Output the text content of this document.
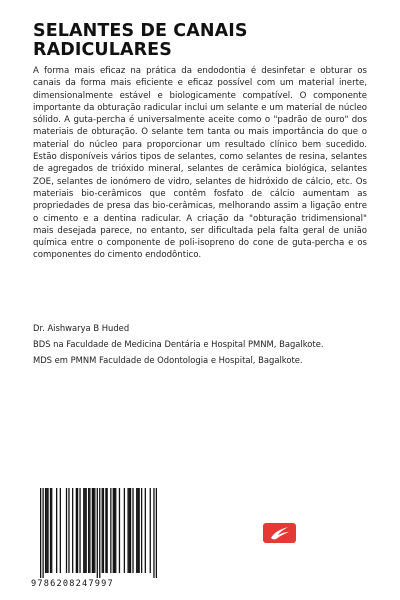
SELANTES DE CANAIS
RADICULARES

A forma mais eficaz na prática da endodontia é desinfetar e obturar os canais da forma mais eficiente e eficaz possível com um material inerte, dimensionalmente estável e biologicamente compatível. O componente importante da obturação radicular inclui um selante e um material de núcleo sólido. A guta-percha é universalmente aceite como o "padrão de ouro" dos materiais de obturação. O selante tem tanta ou mais importância do que o material do núcleo para proporcionar um resultado clínico bem sucedido. Estão disponíveis vários tipos de selantes, como selantes de resina, selantes de agregados de trióxido mineral, selantes de cerâmica biológica, selantes ZOE, selantes de ionómero de vidro, selantes de hidróxido de cálcio, etc. Os materiais bio-cerâmicos que contêm fosfato de cálcio aumentam as propriedades de presa das bio-cerâmicas, melhorando assim a ligação entre o cimento e a dentina radicular. A criação da "obturação tridimensional" mais desejada parece, no entanto, ser dificultada pela falta geral de união química entre o componente de poli-isopreno do cone de guta-percha e os componentes do cimento endodôntico.

Dr. Aishwarya B Huded
BDS na Faculdade de Medicina Dentária e Hospital PMNM, Bagalkote.
MDS em PMNM Faculdade de Odontologia e Hospital, Bagalkote.
9786208247997
